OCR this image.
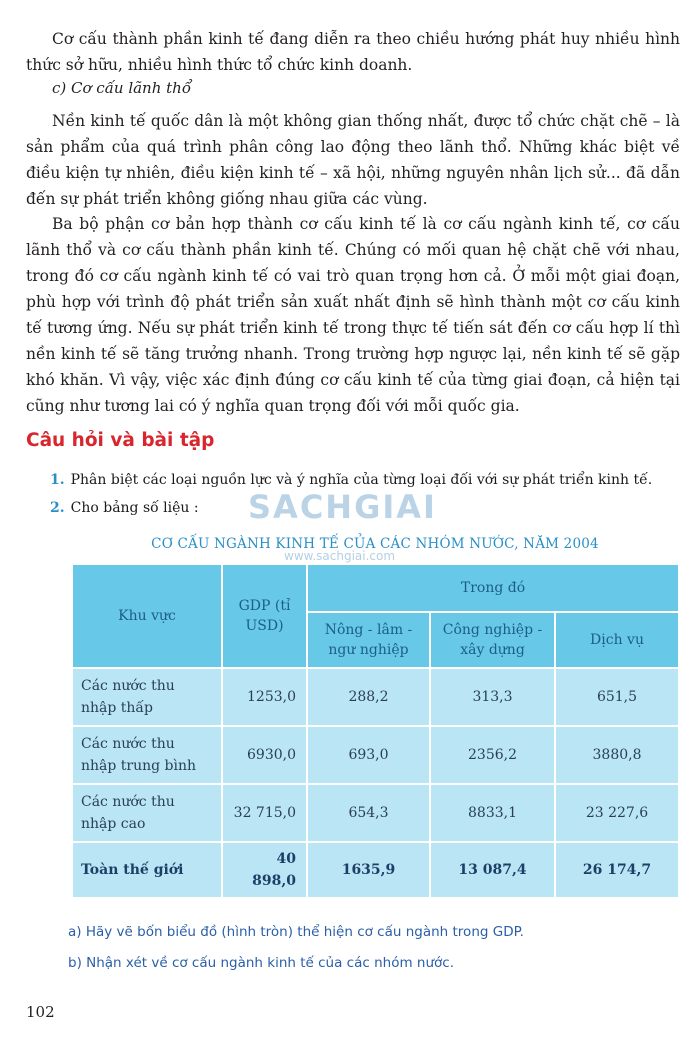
Cơ cấu thành phần kinh tế đang diễn ra theo chiều hướng phát huy nhiều hình thức sở hữu, nhiều hình thức tổ chức kinh doanh.

c) Cơ cấu lãnh thổ

Nền kinh tế quốc dân là một không gian thống nhất, được tổ chức chặt chẽ – là sản phẩm của quá trình phân công lao động theo lãnh thổ. Những khác biệt về điều kiện tự nhiên, điều kiện kinh tế – xã hội, những nguyên nhân lịch sử... đã dẫn đến sự phát triển không giống nhau giữa các vùng.

Ba bộ phận cơ bản hợp thành cơ cấu kinh tế là cơ cấu ngành kinh tế, cơ cấu lãnh thổ và cơ cấu thành phần kinh tế. Chúng có mối quan hệ chặt chẽ với nhau, trong đó cơ cấu ngành kinh tế có vai trò quan trọng hơn cả. Ở mỗi một giai đoạn, phù hợp với trình độ phát triển sản xuất nhất định sẽ hình thành một cơ cấu kinh tế tương ứng. Nếu sự phát triển kinh tế trong thực tế tiến sát đến cơ cấu hợp lí thì nền kinh tế sẽ tăng trưởng nhanh. Trong trường hợp ngược lại, nền kinh tế sẽ gặp khó khăn. Vì vậy, việc xác định đúng cơ cấu kinh tế của từng giai đoạn, cả hiện tại cũng như tương lai có ý nghĩa quan trọng đối với mỗi quốc gia.

Câu hỏi và bài tập

1. Phân biệt các loại nguồn lực và ý nghĩa của từng loại đối với sự phát triển kinh tế.

2. Cho bảng số liệu : SACHGIAI

CƠ CẤU NGÀNH KINH TẾ CỦA CÁC NHÓM NƯỚC, NĂM 2004

www.sachgiai.com
Khu vực	GDP (tỉ USD)	Trong đó		
		Nông - lâm - ngư nghiệp	Công nghiệp - xây dựng	Dịch vụ
Các nước thu nhập thấp	1253,0	288,2	313,3	651,5
Các nước thu nhập trung bình	6930,0	693,0	2356,2	3880,8
Các nước thu nhập cao	32 715,0	654,3	8833,1	23 227,6
Toàn thế giới	40 898,0	1635,9	13 087,4	26 174,7

a) Hãy vẽ bốn biểu đồ (hình tròn) thể hiện cơ cấu ngành trong GDP.

b) Nhận xét về cơ cấu ngành kinh tế của các nhóm nước.

102
